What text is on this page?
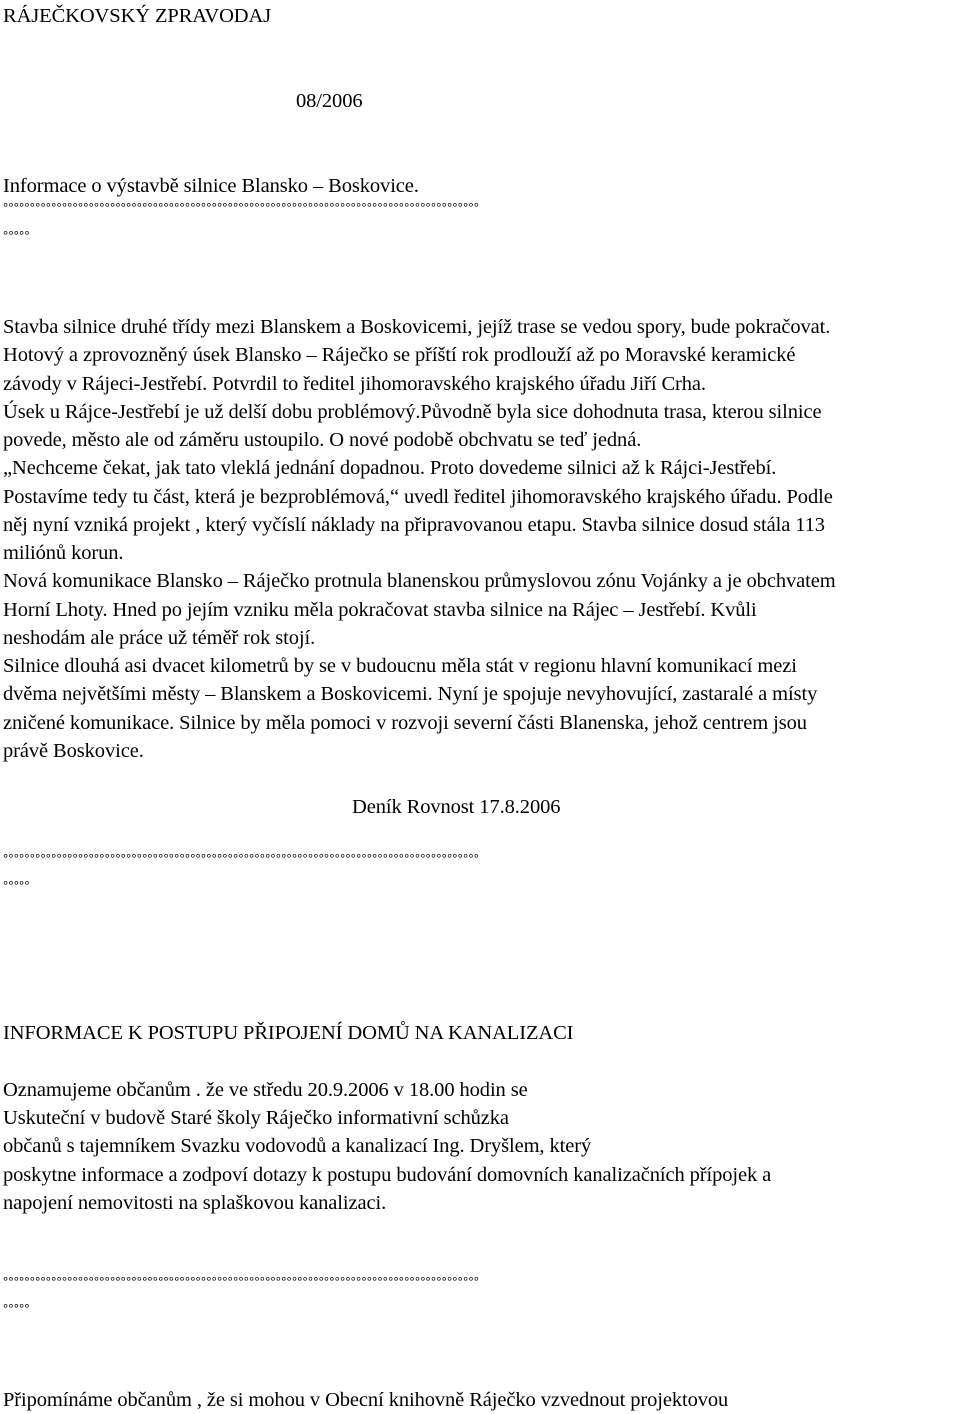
RÁJEČKOVSKÝ ZPRAVODAJ
08/2006
Informace o výstavbě silnice Blansko – Boskovice.
°°°°°°°°°°°°°°°°°°°°°°°°°°°°°°°°°°°°°°°°°°°°°°°°°°°°°°°°°°°°°°°°°°°°°°°°°°°°°°°°°°°°°°°°°
°°°°°
Stavba silnice druhé třídy mezi Blanskem a Boskovicemi, jejíž trase se vedou spory, bude pokračovat.
Hotový a zprovozněný úsek Blansko – Ráječko se příští rok prodlouží až po Moravské keramické
závody v Rájeci-Jestřebí. Potvrdil to ředitel jihomoravského krajského úřadu Jiří Crha.
Úsek u Rájce-Jestřebí je už delší dobu problémový.Původně byla sice dohodnuta trasa, kterou silnice
povede, město ale od záměru ustoupilo. O nové podobě obchvatu se teď jedná.
„Nechceme čekat, jak tato vleklá jednání dopadnou. Proto dovedeme silnici až k Rájci-Jestřebí.
Postavíme tedy tu část, která je bezproblémová,“ uvedl ředitel jihomoravského krajského úřadu. Podle
něj nyní vzniká projekt , který vyčíslí náklady na připravovanou etapu. Stavba silnice dosud stála 113
miliónů korun.
Nová komunikace Blansko – Ráječko protnula blanenskou průmyslovou zónu Vojánky a je obchvatem
Horní Lhoty. Hned po jejím vzniku měla pokračovat stavba silnice na Rájec – Jestřebí. Kvůli
neshodám ale práce už téměř rok stojí.
Silnice dlouhá asi dvacet kilometrů by se v budoucnu měla stát v regionu hlavní komunikací mezi
dvěma největšími městy – Blanskem a Boskovicemi. Nyní je spojuje nevyhovující, zastaralé a místy
zničené komunikace. Silnice by měla pomoci v rozvoji severní části Blanenska, jehož centrem jsou
právě Boskovice.
Deník Rovnost 17.8.2006
°°°°°°°°°°°°°°°°°°°°°°°°°°°°°°°°°°°°°°°°°°°°°°°°°°°°°°°°°°°°°°°°°°°°°°°°°°°°°°°°°°°°°°°°°
°°°°°
INFORMACE K POSTUPU PŘIPOJENÍ DOMŮ NA KANALIZACI
Oznamujeme občanům . že ve středu 20.9.2006 v 18.00 hodin se
Uskuteční v budově Staré školy Ráječko informativní schůzka
občanů s tajemníkem Svazku vodovodů a kanalizací Ing. Dryšlem, který
poskytne informace a zodpoví dotazy k postupu budování domovních kanalizačních přípojek a
napojení nemovitosti na splaškovou kanalizaci.
°°°°°°°°°°°°°°°°°°°°°°°°°°°°°°°°°°°°°°°°°°°°°°°°°°°°°°°°°°°°°°°°°°°°°°°°°°°°°°°°°°°°°°°°°
°°°°°
Připomínáme občanům , že si mohou v Obecní knihovně Ráječko vzvednout projektovou
